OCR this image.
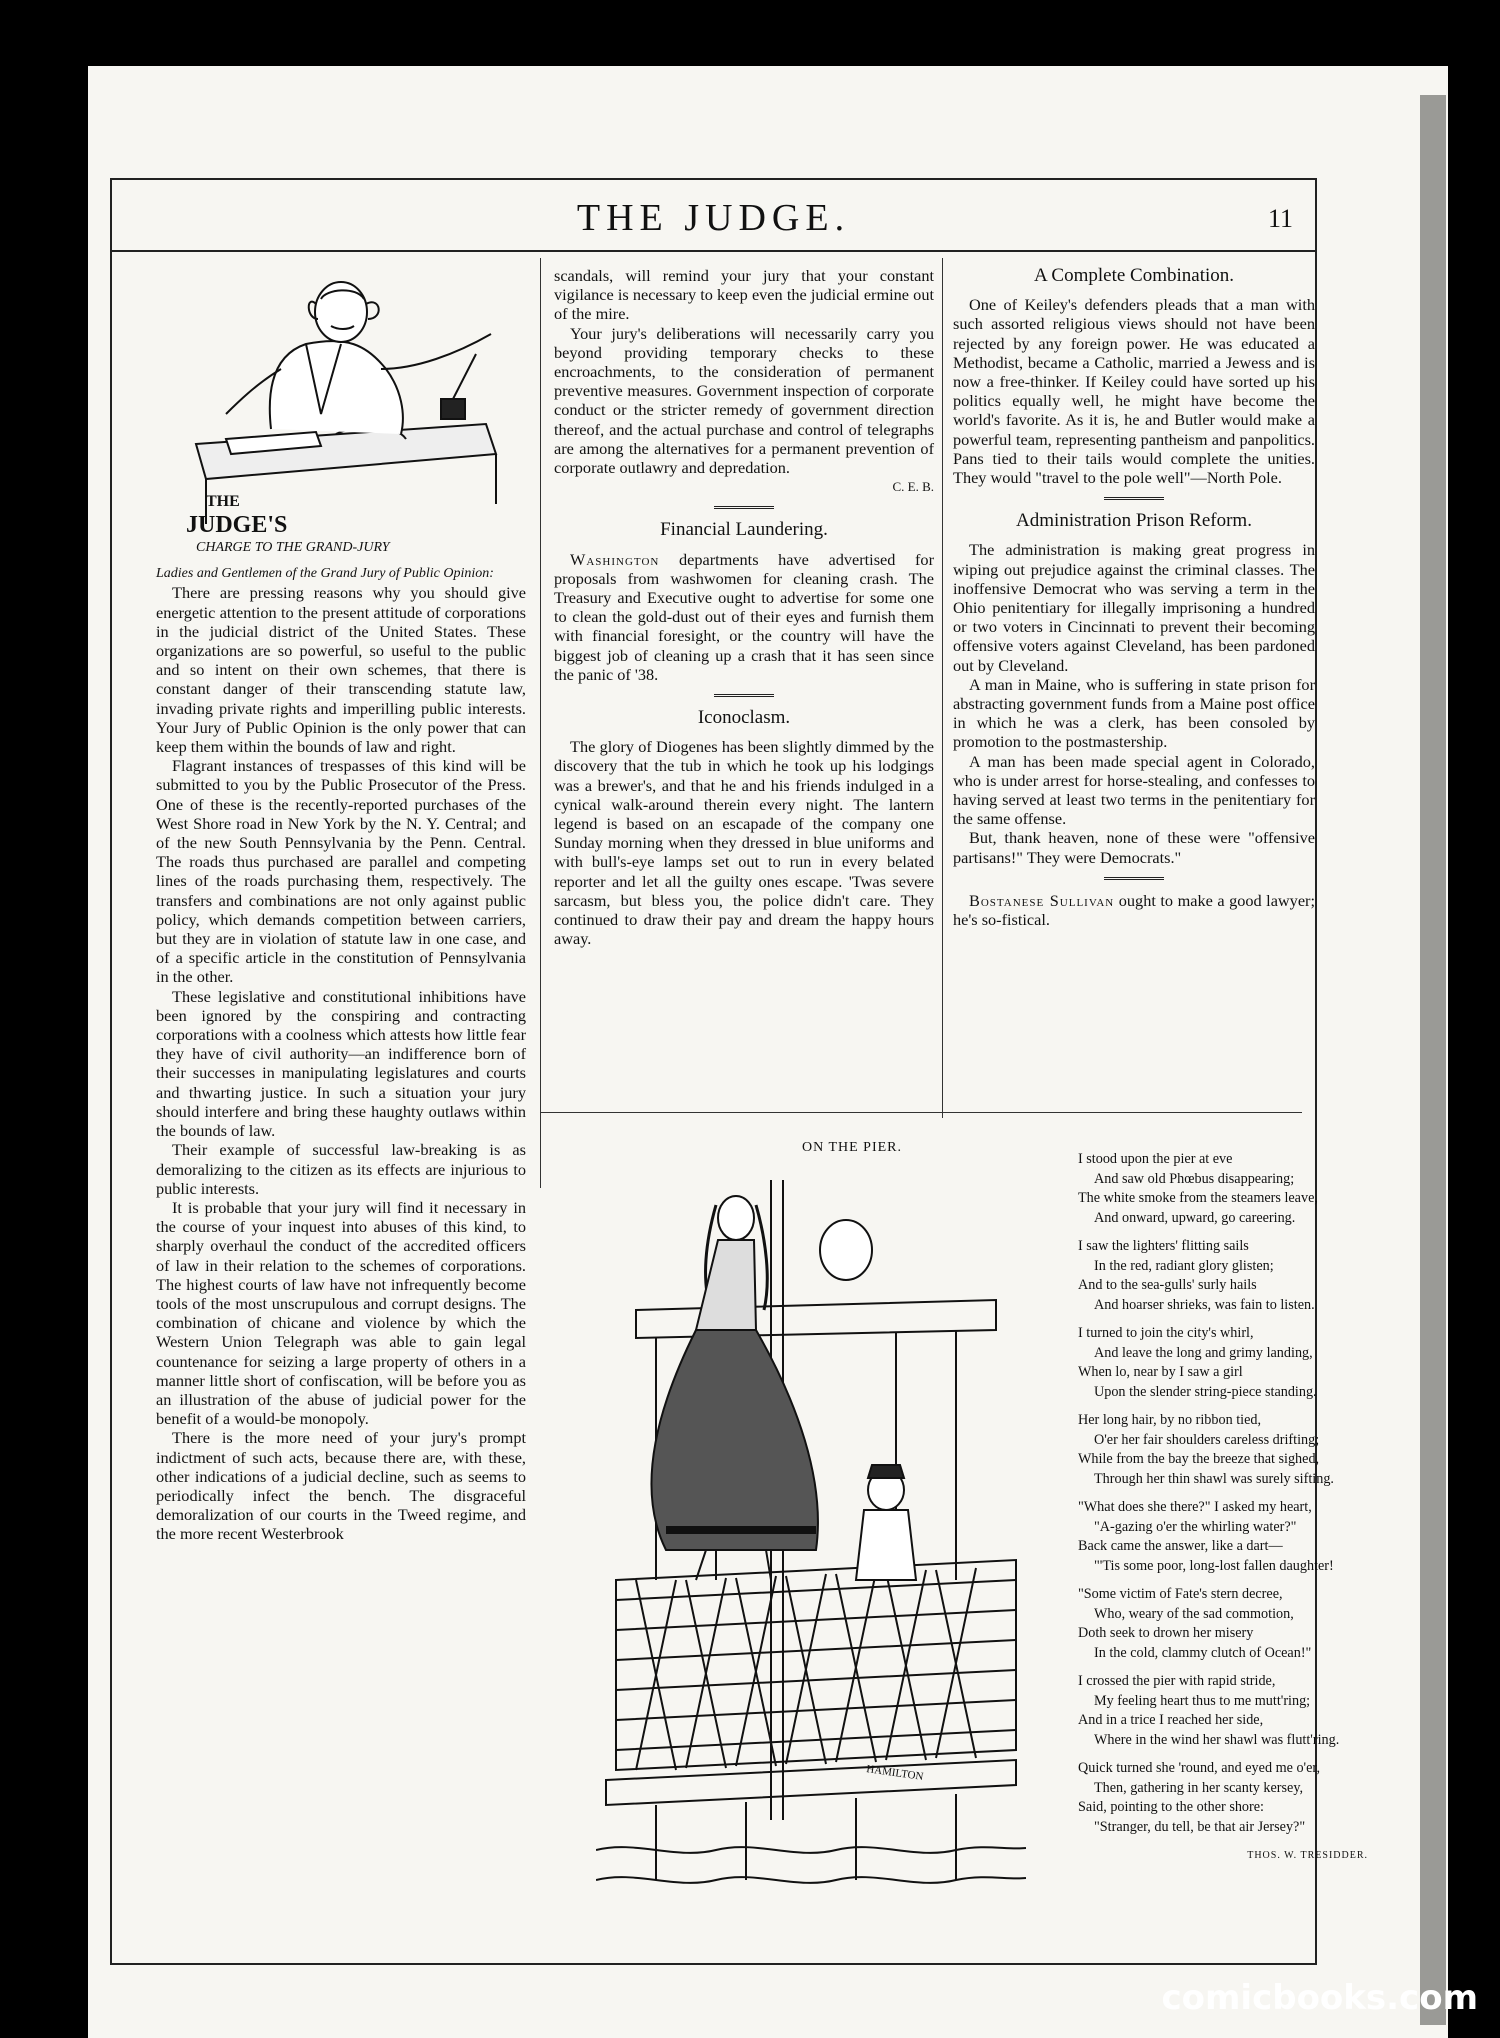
THE JUDGE.	11
THE
JUDGE'S
CHARGE TO THE GRAND-JURY

Ladies and Gentlemen of the Grand Jury of Public Opinion:

There are pressing reasons why you should give energetic attention to the present attitude of corporations in the judicial district of the United States. These organizations are so powerful, so useful to the public and so intent on their own schemes, that there is constant danger of their transcending statute law, invading private rights and imperilling public interests. Your Jury of Public Opinion is the only power that can keep them within the bounds of law and right.

Flagrant instances of trespasses of this kind will be submitted to you by the Public Prosecutor of the Press. One of these is the recently-reported purchases of the West Shore road in New York by the N. Y. Central; and of the new South Pennsylvania by the Penn. Central. The roads thus purchased are parallel and competing lines of the roads purchasing them, respectively. The transfers and combinations are not only against public policy, which demands competition between carriers, but they are in violation of statute law in one case, and of a specific article in the constitution of Pennsylvania in the other.

These legislative and constitutional inhibitions have been ignored by the conspiring and contracting corporations with a coolness which attests how little fear they have of civil authority—an indifference born of their successes in manipulating legislatures and courts and thwarting justice. In such a situation your jury should interfere and bring these haughty outlaws within the bounds of law.

Their example of successful law-breaking is as demoralizing to the citizen as its effects are injurious to public interests.

It is probable that your jury will find it necessary in the course of your inquest into abuses of this kind, to sharply overhaul the conduct of the accredited officers of law in their relation to the schemes of corporations. The highest courts of law have not infrequently become tools of the most unscrupulous and corrupt designs. The combination of chicane and violence by which the Western Union Telegraph was able to gain legal countenance for seizing a large property of others in a manner little short of confiscation, will be before you as an illustration of the abuse of judicial power for the benefit of a would-be monopoly.

There is the more need of your jury's prompt indictment of such acts, because there are, with these, other indications of a judicial decline, such as seems to periodically infect the bench. The disgraceful demoralization of our courts in the Tweed regime, and the more recent Westerbrook

scandals, will remind your jury that your constant vigilance is necessary to keep even the judicial ermine out of the mire.

Your jury's deliberations will necessarily carry you beyond providing temporary checks to these encroachments, to the consideration of permanent preventive measures. Government inspection of corporate conduct or the stricter remedy of government direction thereof, and the actual purchase and control of telegraphs are among the alternatives for a permanent prevention of corporate outlawry and depredation.

C. E. B.
Financial Laundering.

Washington departments have advertised for proposals from washwomen for cleaning crash. The Treasury and Executive ought to advertise for some one to clean the gold-dust out of their eyes and furnish them with financial foresight, or the country will have the biggest job of cleaning up a crash that it has seen since the panic of '38.

Iconoclasm.

The glory of Diogenes has been slightly dimmed by the discovery that the tub in which he took up his lodgings was a brewer's, and that he and his friends indulged in a cynical walk-around therein every night. The lantern legend is based on an escapade of the company one Sunday morning when they dressed in blue uniforms and with bull's-eye lamps set out to run in every belated reporter and let all the guilty ones escape. 'Twas severe sarcasm, but bless you, the police didn't care. They continued to draw their pay and dream the happy hours away.

A Complete Combination.

One of Keiley's defenders pleads that a man with such assorted religious views should not have been rejected by any foreign power. He was educated a Methodist, became a Catholic, married a Jewess and is now a free-thinker. If Keiley could have sorted up his politics equally well, he might have become the world's favorite. As it is, he and Butler would make a powerful team, representing pantheism and panpolitics. Pans tied to their tails would complete the unities. They would "travel to the pole well"—North Pole.

Administration Prison Reform.

The administration is making great progress in wiping out prejudice against the criminal classes. The inoffensive Democrat who was serving a term in the Ohio penitentiary for illegally imprisoning a hundred or two voters in Cincinnati to prevent their becoming offensive voters against Cleveland, has been pardoned out by Cleveland.

A man in Maine, who is suffering in state prison for abstracting government funds from a Maine post office in which he was a clerk, has been consoled by promotion to the postmastership.

A man has been made special agent in Colorado, who is under arrest for horse-stealing, and confesses to having served at least two terms in the penitentiary for the same offense.

But, thank heaven, none of these were "offensive partisans!" They were Democrats."

Bostanese Sullivan ought to make a good lawyer; he's so-fistical.

ON THE PIER.
HAMILTON
I stood upon the pier at eve
And saw old Phœbus disappearing;
The white smoke from the steamers leave,
And onward, upward, go careering.
I saw the lighters' flitting sails
In the red, radiant glory glisten;
And to the sea-gulls' surly hails
And hoarser shrieks, was fain to listen.
I turned to join the city's whirl,
And leave the long and grimy landing,
When lo, near by I saw a girl
Upon the slender string-piece standing.
Her long hair, by no ribbon tied,
O'er her fair shoulders careless drifting;
While from the bay the breeze that sighed,
Through her thin shawl was surely sifting.
"What does she there?" I asked my heart,
"A-gazing o'er the whirling water?"
Back came the answer, like a dart—
"'Tis some poor, long-lost fallen daughter!
"Some victim of Fate's stern decree,
Who, weary of the sad commotion,
Doth seek to drown her misery
In the cold, clammy clutch of Ocean!"
I crossed the pier with rapid stride,
My feeling heart thus to me mutt'ring;
And in a trice I reached her side,
Where in the wind her shawl was flutt'ring.
Quick turned she 'round, and eyed me o'er,
Then, gathering in her scanty kersey,
Said, pointing to the other shore:
"Stranger, du tell, be that air Jersey?"
THOS. W. TRESIDDER.
comicbooks.com
